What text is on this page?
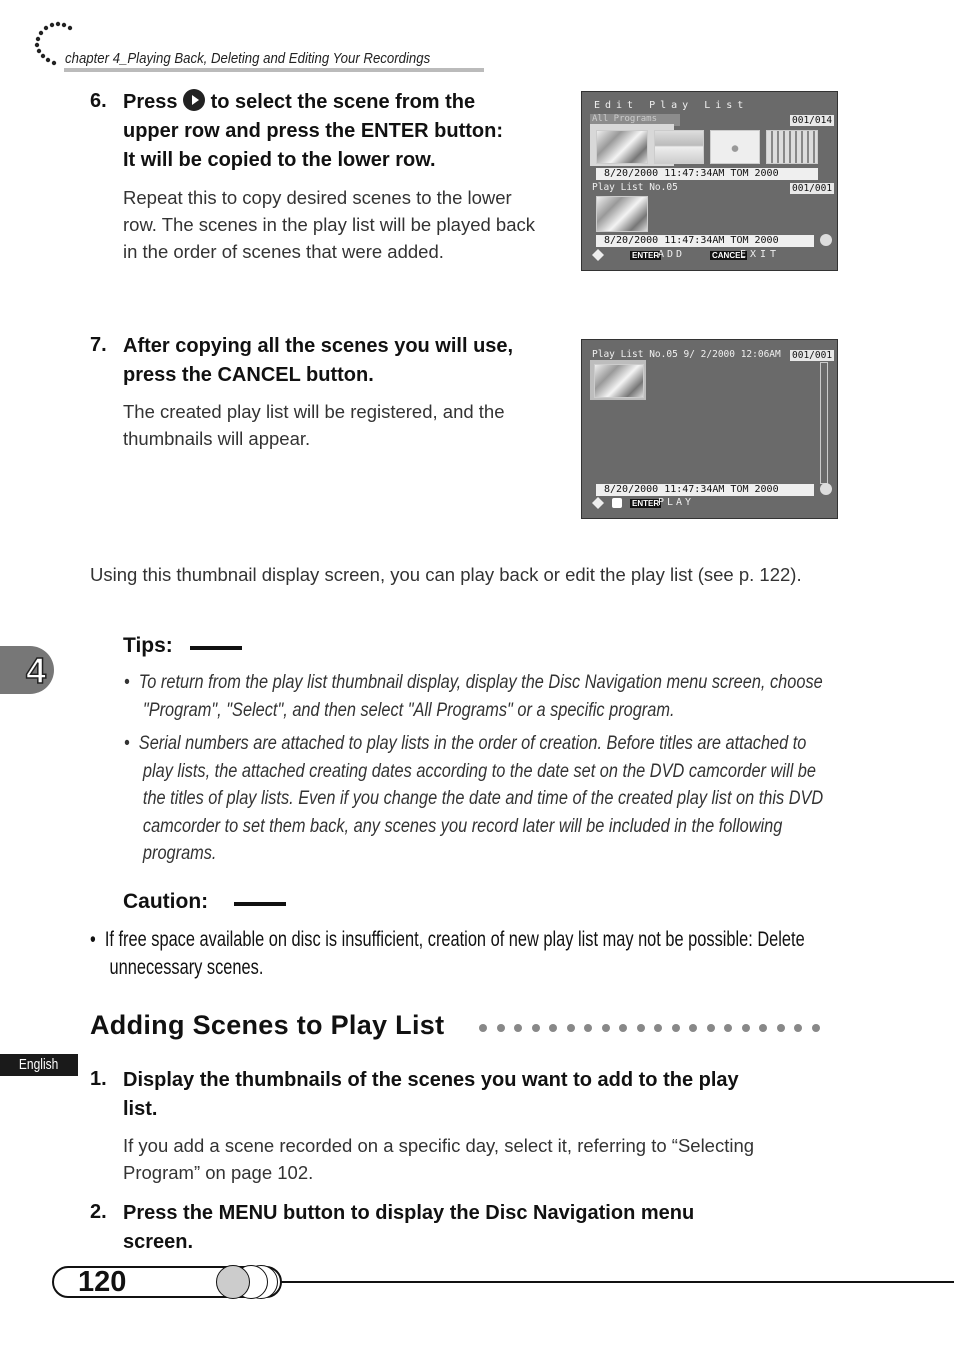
chapter 4_Playing Back, Deleting and Editing Your Recordings
6. Press to select the scene from the
upper row and press the ENTER button:
It will be copied to the lower row.
Repeat this to copy desired scenes to the lower
row. The scenes in the play list will be played back
in the order of scenes that were added.
Edit Play List
All Programs	001/014
8/20/2000 11:47:34AM TOM 2000
Play List No.05	001/001
8/20/2000 11:47:34AM TOM 2000
ENTER
ADD	CANCEL
EXIT
7. After copying all the scenes you will use,
press the CANCEL button.
The created play list will be registered, and the
thumbnails will appear.
Play List No.05 9/ 2/2000 12:06AM 001/001
8/20/2000 11:47:34AM TOM 2000
ENTER
PLAY
Using this thumbnail display screen, you can play back or edit the play list (see p. 122).
Tips:
•  To return from the play list thumbnail display, display the Disc Navigation menu screen, choose
"Program", "Select", and then select "All Programs" or a specific program.
•  Serial numbers are attached to play lists in the order of creation. Before titles are attached to
play lists, the attached creating dates according to the date set on the DVD camcorder will be
the titles of play lists. Even if you change the date and time of the created play list on this DVD
camcorder to set them back, any scenes you record later will be included in the following
programs.
Caution:
•  If free space available on disc is insufficient, creation of new play list may not be possible: Delete
unnecessary scenes.
Adding Scenes to Play List
1. Display the thumbnails of the scenes you want to add to the play
list.
If you add a scene recorded on a specific day, select it, referring to “Selecting
Program” on page 102.
2. Press the MENU button to display the Disc Navigation menu
screen.
4
English
120
